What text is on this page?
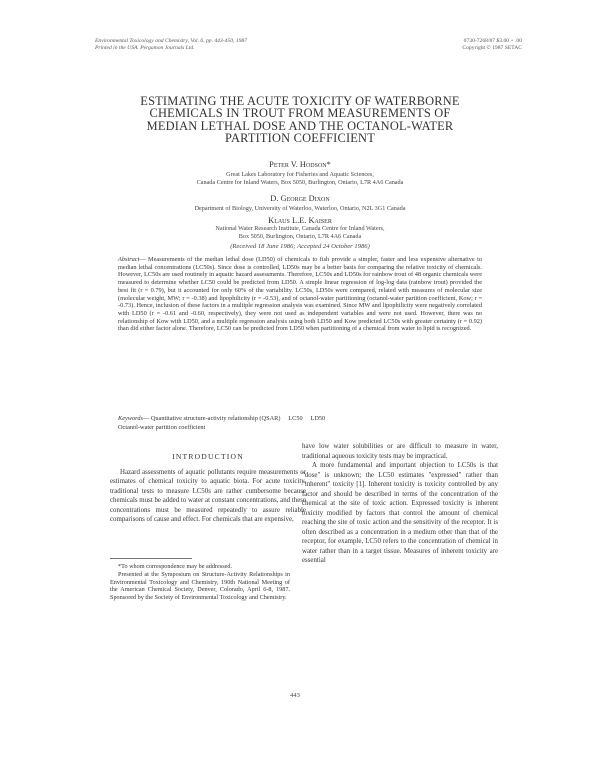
Environmental Toxicology and Chemistry, Vol. 6, pp. 443-450, 1987
Printed in the USA. Pergamon Journals Ltd.
0730-7268/87 $3.00 + .00
Copyright © 1987 SETAC
ESTIMATING THE ACUTE TOXICITY OF WATERBORNE
CHEMICALS IN TROUT FROM MEASUREMENTS OF
MEDIAN LETHAL DOSE AND THE OCTANOL-WATER
PARTITION COEFFICIENT
Peter V. Hodson*
Great Lakes Laboratory for Fisheries and Aquatic Sciences,
Canada Centre for Inland Waters, Box 5050, Burlington, Ontario, L7R 4A6 Canada
D. George Dixon
Department of Biology, University of Waterloo, Waterloo, Ontario, N2L 3G1 Canada
Klaus L.E. Kaiser
National Water Research Institute, Canada Centre for Inland Waters,
Box 5050, Burlington, Ontario, L7R 4A6 Canada
(Received 18 June 1986; Accepted 24 October 1986)
Abstract— Measurements of the median lethal dose (LD50) of chemicals to fish provide a simpler, faster and less expensive alternative to median lethal concentrations (LC50s). Since dose is controlled, LD50s may be a better basis for comparing the relative toxicity of chemicals. However, LC50s are used routinely in aquatic hazard assessments. Therefore, LC50s and LD50s for rainbow trout of 48 organic chemicals were measured to determine whether LC50 could be predicted from LD50. A simple linear regression of log-log data (rainbow trout) provided the best fit (r = 0.79), but it accounted for only 60% of the variability. LC50s, LD50s were compared, related with measures of molecular size (molecular weight, MW; r = -0.38) and lipophilicity (r = -0.53), and of octanol-water partitioning (octanol-water partition coefficient, Kow; r = -0.73). Hence, inclusion of these factors in a multiple regression analysis was examined. Since MW and lipophilicity were negatively correlated with LD50 (r = -0.61 and -0.60, respectively), they were not used as independent variables and were not used. However, there was no relationship of Kow with LD50, and a multiple regression analysis using both LD50 and Kow predicted LC50s with greater certainty (r = 0.92) than did either factor alone. Therefore, LC50 can be predicted from LD50 when partitioning of a chemical from water to lipid is recognized.
Keywords— Quantitative structure-activity relationship (QSAR)     LC50     LD50
Octanol-water partition coefficient
INTRODUCTION

Hazard assessments of aquatic pollutants require measurements or estimates of chemical toxicity to aquatic biota. For acute toxicity, traditional tests to measure LC50s are rather cumbersome because chemicals must be added to water at constant concentrations, and these concentrations must be measured repeatedly to assure reliable comparisons of cause and effect. For chemicals that are expensive,

*To whom correspondence may be addressed.

Presented at the Symposium on Structure-Activity Relationships in Environmental Toxicology and Chemistry, 190th National Meeting of the American Chemical Society, Denver, Colorado, April 6-8, 1987. Sponsored by the Society of Environmental Toxicology and Chemistry.

have low water solubilities or are difficult to measure in water, traditional aqueous toxicity tests may be impractical.

A more fundamental and important objection to LC50s is that "dose" is unknown; the LC50 estimates "expressed" rather than "inherent" toxicity [1]. Inherent toxicity is toxicity controlled by any factor and should be described in terms of the concentration of the chemical at the site of toxic action. Expressed toxicity is inherent toxicity modified by factors that control the amount of chemical reaching the site of toxic action and the sensitivity of the receptor. It is often described as a concentration in a medium other than that of the receptor, for example, LC50 refers to the concentration of chemical in water rather than in a target tissue. Measures of inherent toxicity are essential

443
